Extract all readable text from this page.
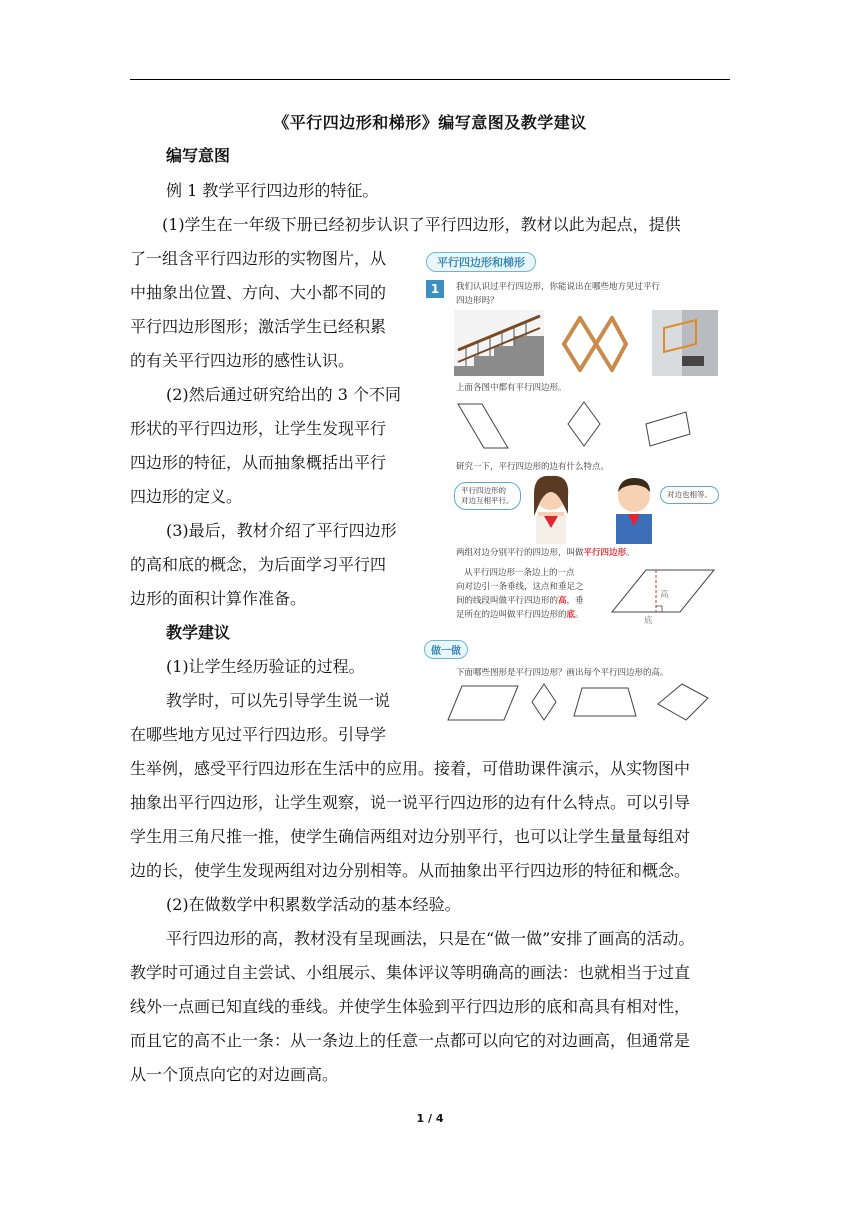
《平行四边形和梯形》编写意图及教学建议
编写意图
例 1 教学平行四边形的特征。
(1)学生在一年级下册已经初步认识了平行四边形，教材以此为起点，提供
了一组含平行四边形的实物图片，从
中抽象出位置、方向、大小都不同的
平行四边形图形；激活学生已经积累
的有关平行四边形的感性认识。
(2)然后通过研究给出的 3 个不同
形状的平行四边形，让学生发现平行
四边形的特征，从而抽象概括出平行
四边形的定义。
(3)最后，教材介绍了平行四边形
的高和底的概念，为后面学习平行四
边形的面积计算作准备。
教学建议
(1)让学生经历验证的过程。
教学时，可以先引导学生说一说
在哪些地方见过平行四边形。引导学
生举例，感受平行四边形在生活中的应用。接着，可借助课件演示，从实物图中
抽象出平行四边形，让学生观察，说一说平行四边形的边有什么特点。可以引导
学生用三角尺推一推，使学生确信两组对边分别平行，也可以让学生量量每组对
边的长，使学生发现两组对边分别相等。从而抽象出平行四边形的特征和概念。
(2)在做数学中积累数学活动的基本经验。
平行四边形的高，教材没有呈现画法，只是在“做一做”安排了画高的活动。
教学时可通过自主尝试、小组展示、集体评议等明确高的画法：也就相当于过直
线外一点画已知直线的垂线。并使学生体验到平行四边形的底和高具有相对性，
而且它的高不止一条：从一条边上的任意一点都可以向它的对边画高，但通常是
从一个顶点向它的对边画高。
1 / 4
平行四边形和梯形
1	我们认识过平行四边形，你能说出在哪些地方见过平行
四边形吗？
上面各图中都有平行四边形。
研究一下，平行四边形的边有什么特点。
平行四边形的
对边互相平行。
对边也相等。
两组对边分别平行的四边形，叫做平行四边形。
从平行四边形一条边上的一点
向对边引一条垂线，这点和垂足之
间的线段叫做平行四边形的高，垂
足所在的边叫做平行四边形的底。
高
底
做一做
下面哪些图形是平行四边形？画出每个平行四边形的高。
